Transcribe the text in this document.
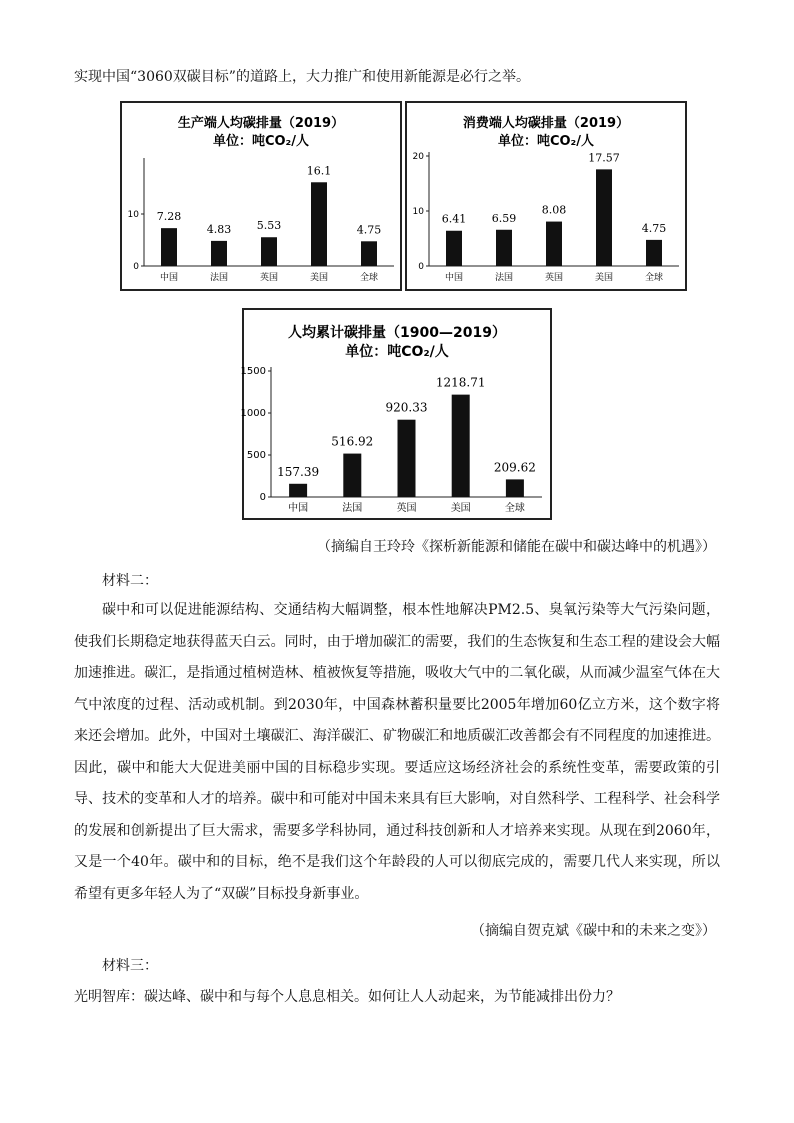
实现中国“3060双碳目标”的道路上，大力推广和使用新能源是必行之举。
生产端人均碳排量（2019）
单位：吨CO₂/人
0
10 7.28
中国
4.83
法国
5.53
英国
16.1
美国
4.75
全球
消费端人均碳排量（2019）
单位：吨CO₂/人
0
10
20
6.41
中国
6.59
法国
8.08
英国
17.57
美国
4.75
全球
人均累计碳排量（1900—2019）
单位：吨CO₂/人
0
500
1000
1500
157.39
中国
516.92
法国
920.33
英国
1218.71
美国
209.62
全球
（摘编自王玲玲《探析新能源和储能在碳中和碳达峰中的机遇》）
材料二：
碳中和可以促进能源结构、交通结构大幅调整，根本性地解决PM2.5、臭氧污染等大气污染问题，使我们长期稳定地获得蓝天白云。同时，由于增加碳汇的需要，我们的生态恢复和生态工程的建设会大幅加速推进。碳汇，是指通过植树造林、植被恢复等措施，吸收大气中的二氧化碳，从而减少温室气体在大气中浓度的过程、活动或机制。到2030年，中国森林蓄积量要比2005年增加60亿立方米，这个数字将来还会增加。此外，中国对土壤碳汇、海洋碳汇、矿物碳汇和地质碳汇改善都会有不同程度的加速推进。因此，碳中和能大大促进美丽中国的目标稳步实现。要适应这场经济社会的系统性变革，需要政策的引导、技术的变革和人才的培养。碳中和可能对中国未来具有巨大影响，对自然科学、工程科学、社会科学的发展和创新提出了巨大需求，需要多学科协同，通过科技创新和人才培养来实现。从现在到2060年，又是一个40年。碳中和的目标，绝不是我们这个年龄段的人可以彻底完成的，需要几代人来实现，所以希望有更多年轻人为了“双碳”目标投身新事业。
（摘编自贺克斌《碳中和的未来之变》）
材料三：
光明智库：碳达峰、碳中和与每个人息息相关。如何让人人动起来，为节能减排出份力？
